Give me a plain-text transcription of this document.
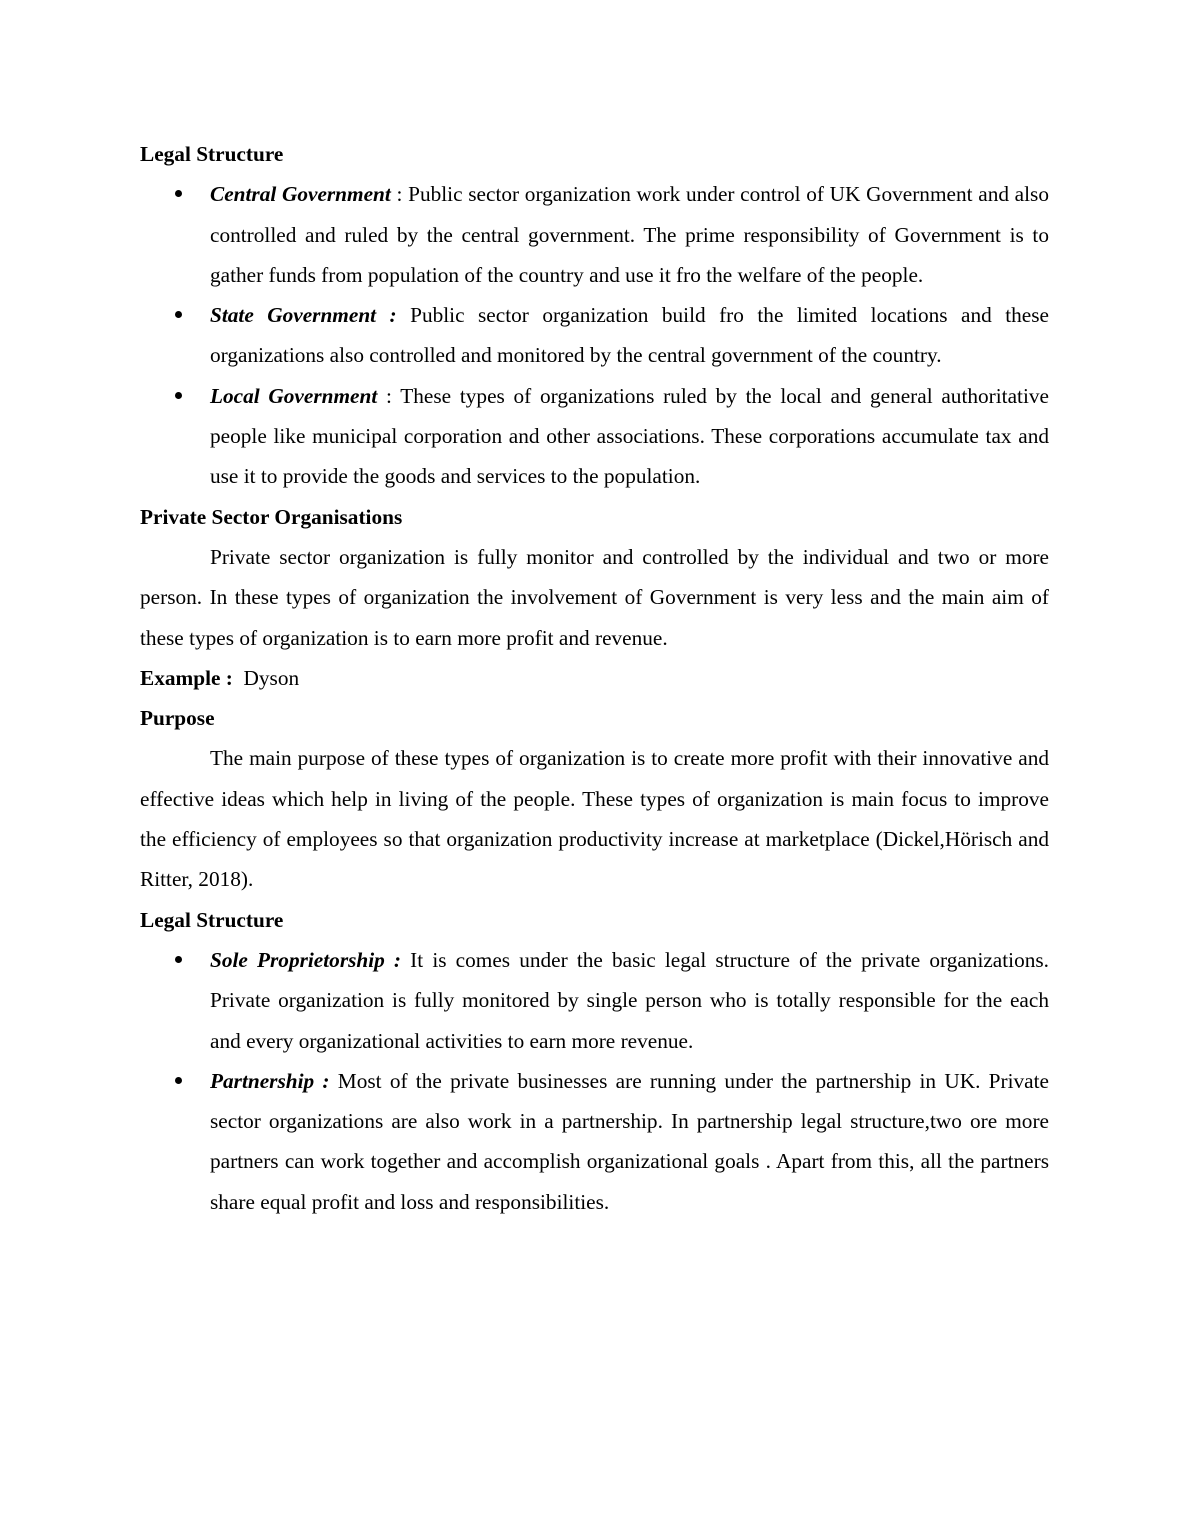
Legal Structure

Central Government : Public sector organization work under control of UK Government and also controlled and ruled by the central government. The prime responsibility of Government is to gather funds from population of the country and use it fro the welfare of the people.
State Government : Public sector organization build fro the limited locations and these organizations also controlled and monitored by the central government of the country.
Local Government : These types of organizations ruled by the local and general authoritative people like municipal corporation and other associations. These corporations accumulate tax and use it to provide the goods and services to the population.

Private Sector Organisations

Private sector organization is fully monitor and controlled by the individual and two or more person. In these types of organization the involvement of Government is very less and the main aim of these types of organization is to earn more profit and revenue.

Example : Dyson

Purpose

The main purpose of these types of organization is to create more profit with their innovative and effective ideas which help in living of the people. These types of organization is main focus to improve the efficiency of employees so that organization productivity increase at marketplace (Dickel,Hörisch and Ritter, 2018).

Legal Structure

Sole Proprietorship : It is comes under the basic legal structure of the private organizations. Private organization is fully monitored by single person who is totally responsible for the each and every organizational activities to earn more revenue.
Partnership : Most of the private businesses are running under the partnership in UK. Private sector organizations are also work in a partnership. In partnership legal structure,two ore more partners can work together and accomplish organizational goals . Apart from this, all the partners share equal profit and loss and responsibilities.
